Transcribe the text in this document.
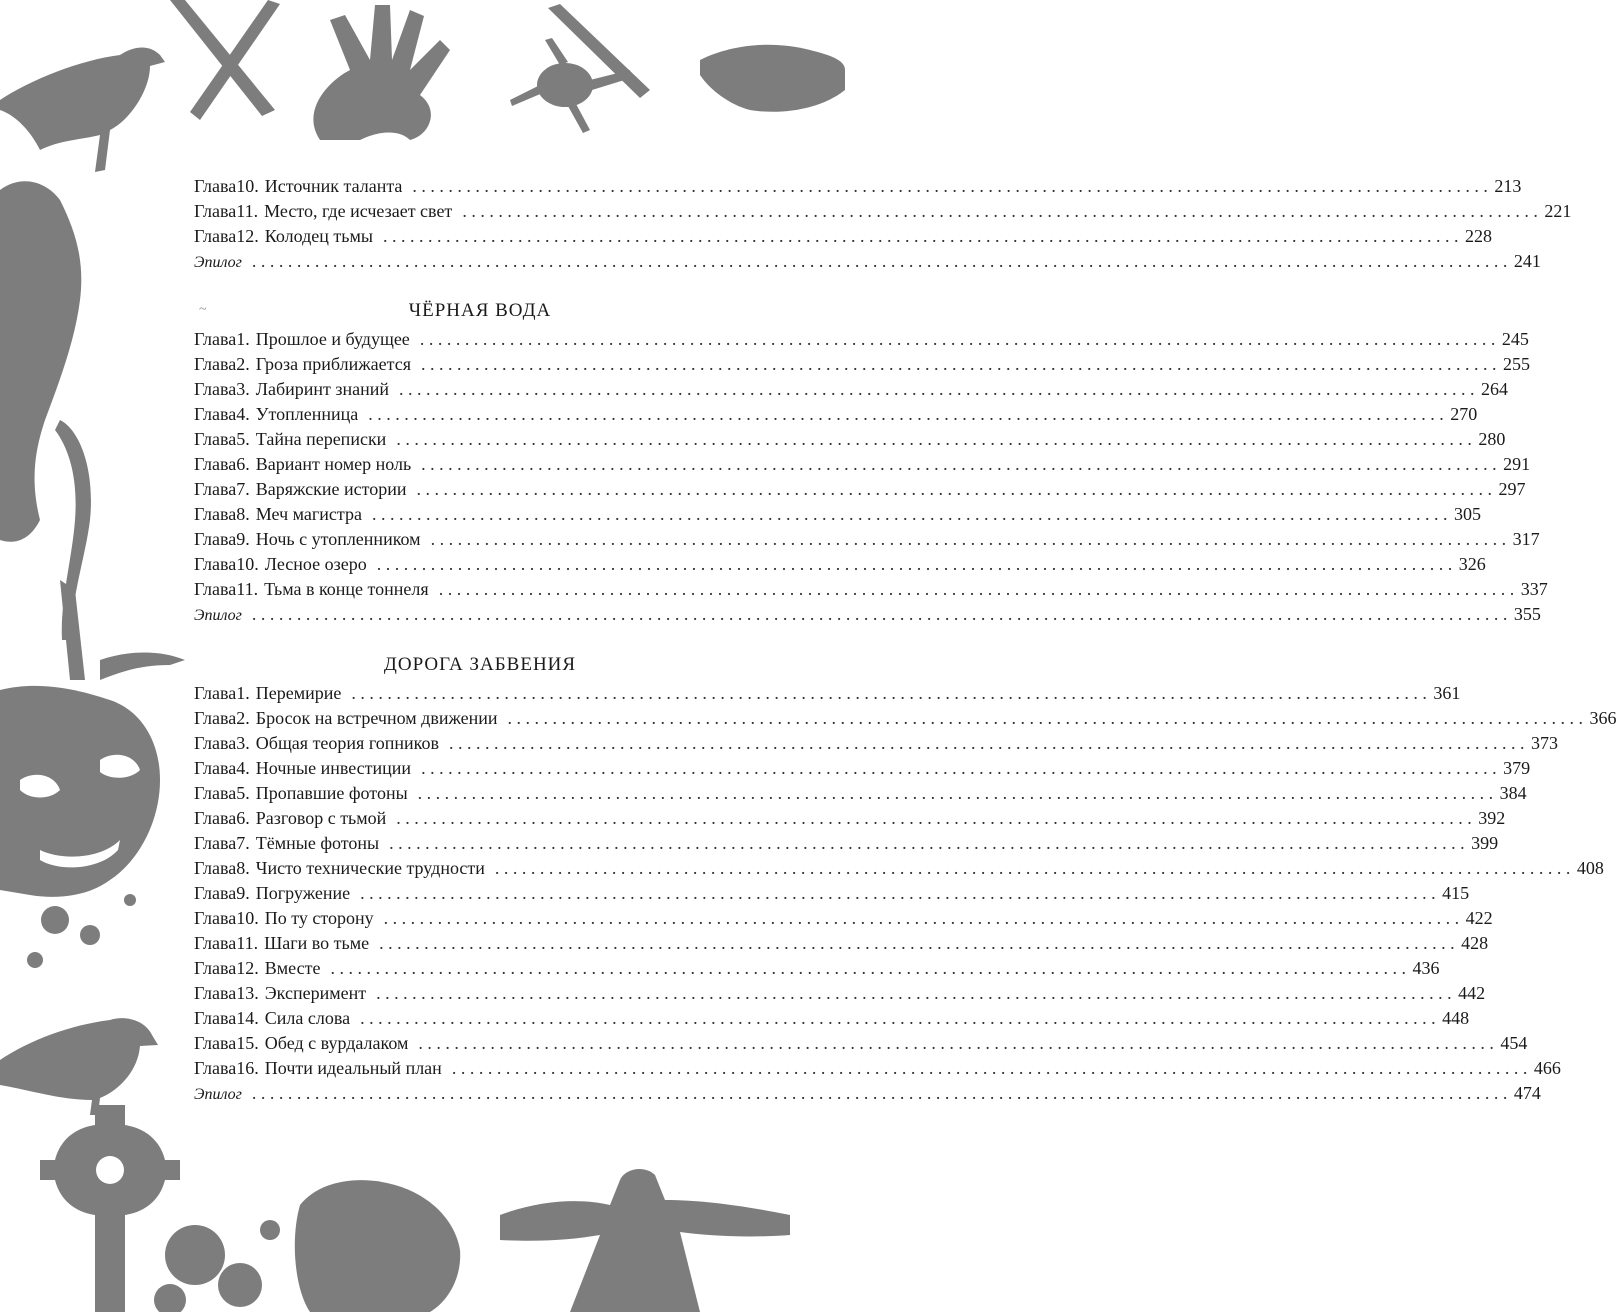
~
Глава 10. Источник таланта ........................................................................................................................ 213
Глава 11. Место, где исчезает свет ........................................................................................................................ 221
Глава 12. Колодец тьмы ........................................................................................................................ 228
Эпилог ............................................................................................................................................ 241
ЧЁРНАЯ ВОДА
Глава 1. Прошлое и будущее ........................................................................................................................ 245
Глава 2. Гроза приближается ........................................................................................................................ 255
Глава 3. Лабиринт знаний ........................................................................................................................ 264
Глава 4. Утопленница ........................................................................................................................ 270
Глава 5. Тайна переписки ........................................................................................................................ 280
Глава 6. Вариант номер ноль ........................................................................................................................ 291
Глава 7. Варяжские истории ........................................................................................................................ 297
Глава 8. Меч магистра ........................................................................................................................ 305
Глава 9. Ночь с утопленником ........................................................................................................................ 317
Глава 10. Лесное озеро ........................................................................................................................ 326
Глава 11. Тьма в конце тоннеля ........................................................................................................................ 337
Эпилог ............................................................................................................................................ 355
ДОРОГА ЗАБВЕНИЯ
Глава 1. Перемирие ........................................................................................................................ 361
Глава 2. Бросок на встречном движении ........................................................................................................................ 366
Глава 3. Общая теория гопников ........................................................................................................................ 373
Глава 4. Ночные инвестиции ........................................................................................................................ 379
Глава 5. Пропавшие фотоны ........................................................................................................................ 384
Глава 6. Разговор с тьмой ........................................................................................................................ 392
Глава 7. Тёмные фотоны ........................................................................................................................ 399
Глава 8. Чисто технические трудности ........................................................................................................................ 408
Глава 9. Погружение ........................................................................................................................ 415
Глава 10. По ту сторону ........................................................................................................................ 422
Глава 11. Шаги во тьме ........................................................................................................................ 428
Глава 12. Вместе ........................................................................................................................ 436
Глава 13. Эксперимент ........................................................................................................................ 442
Глава 14. Сила слова ........................................................................................................................ 448
Глава 15. Обед с вурдалаком ........................................................................................................................ 454
Глава 16. Почти идеальный план ........................................................................................................................ 466
Эпилог ............................................................................................................................................ 474
